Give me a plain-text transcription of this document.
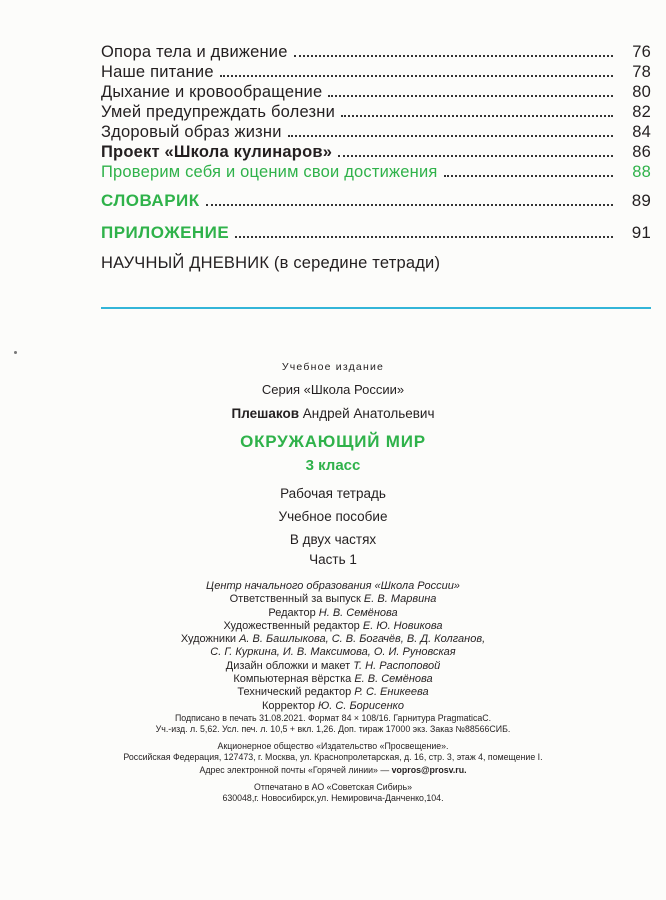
Опора тела и движение	76
Наше питание	78
Дыхание и кровообращение	80
Умей предупреждать болезни	82
Здоровый образ жизни	84
Проект «Школа кулинаров»	86
Проверим себя и оценим свои достижения	88
СЛОВАРИК	89
ПРИЛОЖЕНИЕ	91
НАУЧНЫЙ ДНЕВНИК (в середине тетради)
Учебное издание
Серия «Школа России»
Плешаков Андрей Анатольевич
ОКРУЖАЮЩИЙ МИР
3 класс
Рабочая тетрадь
Учебное пособие
В двух частях
Часть 1
Центр начального образования «Школа России»
Ответственный за выпуск Е. В. Марвина
Редактор Н. В. Семёнова
Художественный редактор Е. Ю. Новикова
Художники А. В. Башлыкова, С. В. Богачёв, В. Д. Колганов,
С. Г. Куркина, И. В. Максимова, О. И. Руновская
Дизайн обложки и макет Т. Н. Распоповой
Компьютерная вёрстка Е. В. Семёнова
Технический редактор Р. С. Еникеева
Корректор Ю. С. Борисенко
Подписано в печать 31.08.2021. Формат 84 × 108/16. Гарнитура PragmaticaC.
Уч.-изд. л. 5,62. Усл. печ. л. 10,5 + вкл. 1,26. Доп. тираж 17000 экз. Заказ №88566СИБ.
Акционерное общество «Издательство «Просвещение».
Российская Федерация, 127473, г. Москва, ул. Краснопролетарская, д. 16, стр. 3, этаж 4, помещение I.
Адрес электронной почты «Горячей линии» — vopros@prosv.ru.
Отпечатано в АО «Советская Сибирь»
630048,г. Новосибирск,ул. Немировича-Данченко,104.
